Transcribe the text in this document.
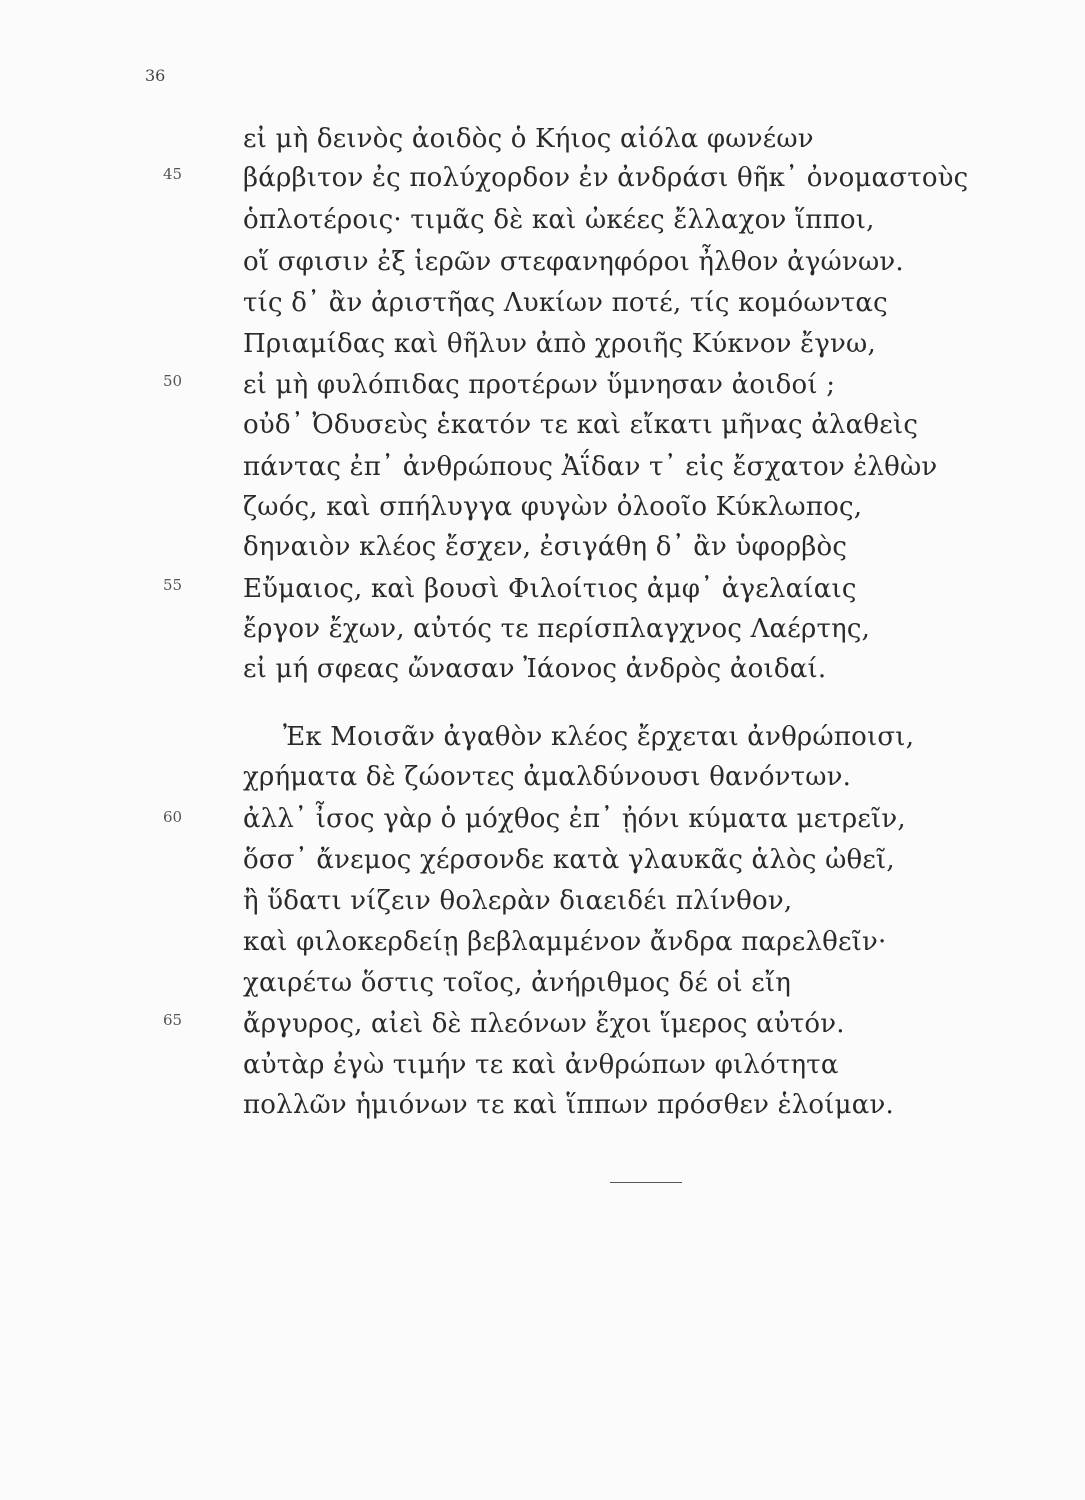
36
45
50
55
60
65
εἰ μὴ δεινὸς ἀοιδὸς ὁ Κήιος αἰόλα φωνέων
βάρβιτον ἐς πολύχορδον ἐν ἀνδράσι θῆκ᾽ ὀνομαστοὺς
ὁπλοτέροις· τιμᾶς δὲ καὶ ὠκέες ἔλλαχον ἵπποι,
οἵ σφισιν ἐξ ἱερῶν στεφανηφόροι ἦλθον ἀγώνων.
τίς δ᾽ ἂν ἀριστῆας Λυκίων ποτέ, τίς κομόωντας
Πριαμίδας καὶ θῆλυν ἀπὸ χροιῆς Κύκνον ἔγνω,
εἰ μὴ φυλόπιδας προτέρων ὕμνησαν ἀοιδοί ;
οὐδ᾽ Ὀδυσεὺς ἑκατόν τε καὶ εἴκατι μῆνας ἀλαθεὶς
πάντας ἐπ᾽ ἀνθρώπους Ἀΐδαν τ᾽ εἰς ἔσχατον ἐλθὼν
ζωός, καὶ σπήλυγγα φυγὼν ὀλοοῖο Κύκλωπος,
δηναιὸν κλέος ἔσχεν, ἐσιγάθη δ᾽ ἂν ὑφορβὸς
Εὔμαιος, καὶ βουσὶ Φιλοίτιος ἀμφ᾽ ἀγελαίαις
ἔργον ἔχων, αὐτός τε περίσπλαγχνος Λαέρτης,
εἰ μή σφεας ὤνασαν Ἰάονος ἀνδρὸς ἀοιδαί.
Ἐκ Μοισᾶν ἀγαθὸν κλέος ἔρχεται ἀνθρώποισι,
χρήματα δὲ ζώοντες ἀμαλδύνουσι θανόντων.
ἀλλ᾽ ἶσος γὰρ ὁ μόχθος ἐπ᾽ ᾐόνι κύματα μετρεῖν,
ὅσσ᾽ ἄνεμος χέρσονδε κατὰ γλαυκᾶς ἁλὸς ὠθεῖ,
ἢ ὕδατι νίζειν θολερὰν διαειδέι πλίνθον,
καὶ φιλοκερδείῃ βεβλαμμένον ἄνδρα παρελθεῖν·
χαιρέτω ὅστις τοῖος, ἀνήριθμος δέ οἱ εἴη
ἄργυρος, αἰεὶ δὲ πλεόνων ἔχοι ἵμερος αὐτόν.
αὐτὰρ ἐγὼ τιμήν τε καὶ ἀνθρώπων φιλότητα
πολλῶν ἡμιόνων τε καὶ ἵππων πρόσθεν ἑλοίμαν.
